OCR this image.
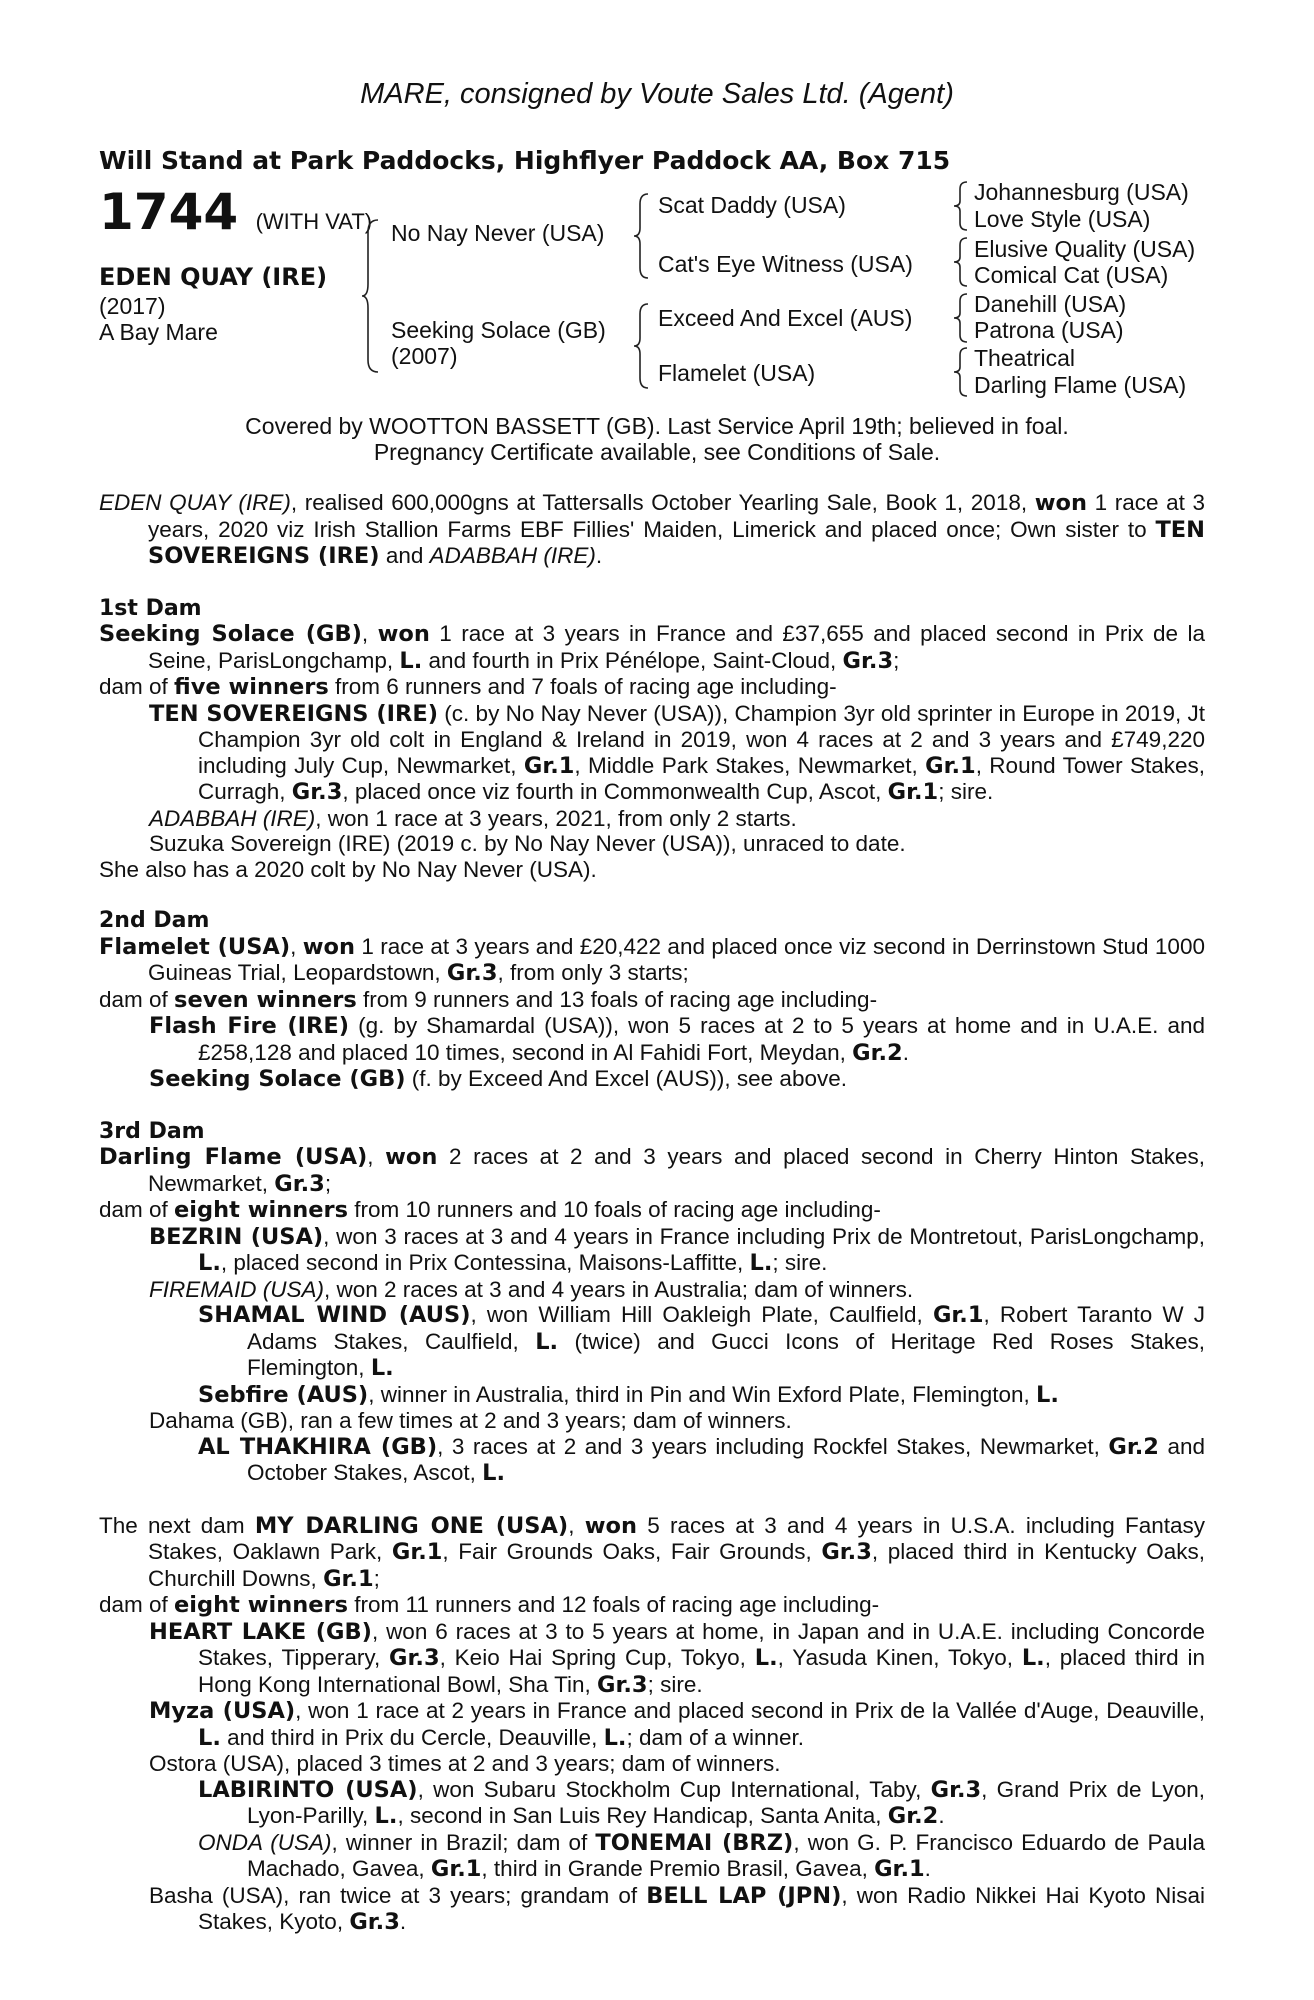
MARE, consigned by Voute Sales Ltd. (Agent)
Will Stand at Park Paddocks, Highflyer Paddock AA, Box 715
1744 (WITH VAT)
EDEN QUAY (IRE)
(2017)
A Bay Mare
No Nay Never (USA)
Seeking Solace (GB)
(2007)
Scat Daddy (USA)
Cat's Eye Witness (USA)
Exceed And Excel (AUS)
Flamelet (USA)
Johannesburg (USA)
Love Style (USA)
Elusive Quality (USA)
Comical Cat (USA)
Danehill (USA)
Patrona (USA)
Theatrical
Darling Flame (USA)
Covered by WOOTTON BASSETT (GB). Last Service April 19th; believed in foal.
Pregnancy Certificate available, see Conditions of Sale.

EDEN QUAY (IRE), realised 600,000gns at Tattersalls October Yearling Sale, Book 1, 2018, won 1 race at 3 years, 2020 viz Irish Stallion Farms EBF Fillies' Maiden, Limerick and placed once; Own sister to TEN SOVEREIGNS (IRE) and ADABBAH (IRE).

1st Dam

Seeking Solace (GB), won 1 race at 3 years in France and £37,655 and placed second in Prix de la Seine, ParisLongchamp, L. and fourth in Prix Pénélope, Saint-Cloud, Gr.3;

dam of five winners from 6 runners and 7 foals of racing age including-

TEN SOVEREIGNS (IRE) (c. by No Nay Never (USA)), Champion 3yr old sprinter in Europe in 2019, Jt Champion 3yr old colt in England & Ireland in 2019, won 4 races at 2 and 3 years and £749,220 including July Cup, Newmarket, Gr.1, Middle Park Stakes, Newmarket, Gr.1, Round Tower Stakes, Curragh, Gr.3, placed once viz fourth in Commonwealth Cup, Ascot, Gr.1; sire.

ADABBAH (IRE), won 1 race at 3 years, 2021, from only 2 starts.

Suzuka Sovereign (IRE) (2019 c. by No Nay Never (USA)), unraced to date.

She also has a 2020 colt by No Nay Never (USA).

2nd Dam

Flamelet (USA), won 1 race at 3 years and £20,422 and placed once viz second in Derrinstown Stud 1000 Guineas Trial, Leopardstown, Gr.3, from only 3 starts;

dam of seven winners from 9 runners and 13 foals of racing age including-

Flash Fire (IRE) (g. by Shamardal (USA)), won 5 races at 2 to 5 years at home and in U.A.E. and £258,128 and placed 10 times, second in Al Fahidi Fort, Meydan, Gr.2.

Seeking Solace (GB) (f. by Exceed And Excel (AUS)), see above.

3rd Dam

Darling Flame (USA), won 2 races at 2 and 3 years and placed second in Cherry Hinton Stakes, Newmarket, Gr.3;

dam of eight winners from 10 runners and 10 foals of racing age including-

BEZRIN (USA), won 3 races at 3 and 4 years in France including Prix de Montretout, ParisLongchamp, L., placed second in Prix Contessina, Maisons-Laffitte, L.; sire.

FIREMAID (USA), won 2 races at 3 and 4 years in Australia; dam of winners.

SHAMAL WIND (AUS), won William Hill Oakleigh Plate, Caulfield, Gr.1, Robert Taranto W J Adams Stakes, Caulfield, L. (twice) and Gucci Icons of Heritage Red Roses Stakes, Flemington, L.

Sebfire (AUS), winner in Australia, third in Pin and Win Exford Plate, Flemington, L.

Dahama (GB), ran a few times at 2 and 3 years; dam of winners.

AL THAKHIRA (GB), 3 races at 2 and 3 years including Rockfel Stakes, Newmarket, Gr.2 and October Stakes, Ascot, L.

The next dam MY DARLING ONE (USA), won 5 races at 3 and 4 years in U.S.A. including Fantasy Stakes, Oaklawn Park, Gr.1, Fair Grounds Oaks, Fair Grounds, Gr.3, placed third in Kentucky Oaks, Churchill Downs, Gr.1;

dam of eight winners from 11 runners and 12 foals of racing age including-

HEART LAKE (GB), won 6 races at 3 to 5 years at home, in Japan and in U.A.E. including Concorde Stakes, Tipperary, Gr.3, Keio Hai Spring Cup, Tokyo, L., Yasuda Kinen, Tokyo, L., placed third in Hong Kong International Bowl, Sha Tin, Gr.3; sire.

Myza (USA), won 1 race at 2 years in France and placed second in Prix de la Vallée d'Auge, Deauville, L. and third in Prix du Cercle, Deauville, L.; dam of a winner.

Ostora (USA), placed 3 times at 2 and 3 years; dam of winners.

LABIRINTO (USA), won Subaru Stockholm Cup International, Taby, Gr.3, Grand Prix de Lyon, Lyon-Parilly, L., second in San Luis Rey Handicap, Santa Anita, Gr.2.

ONDA (USA), winner in Brazil; dam of TONEMAI (BRZ), won G. P. Francisco Eduardo de Paula Machado, Gavea, Gr.1, third in Grande Premio Brasil, Gavea, Gr.1.

Basha (USA), ran twice at 3 years; grandam of BELL LAP (JPN), won Radio Nikkei Hai Kyoto Nisai Stakes, Kyoto, Gr.3.
